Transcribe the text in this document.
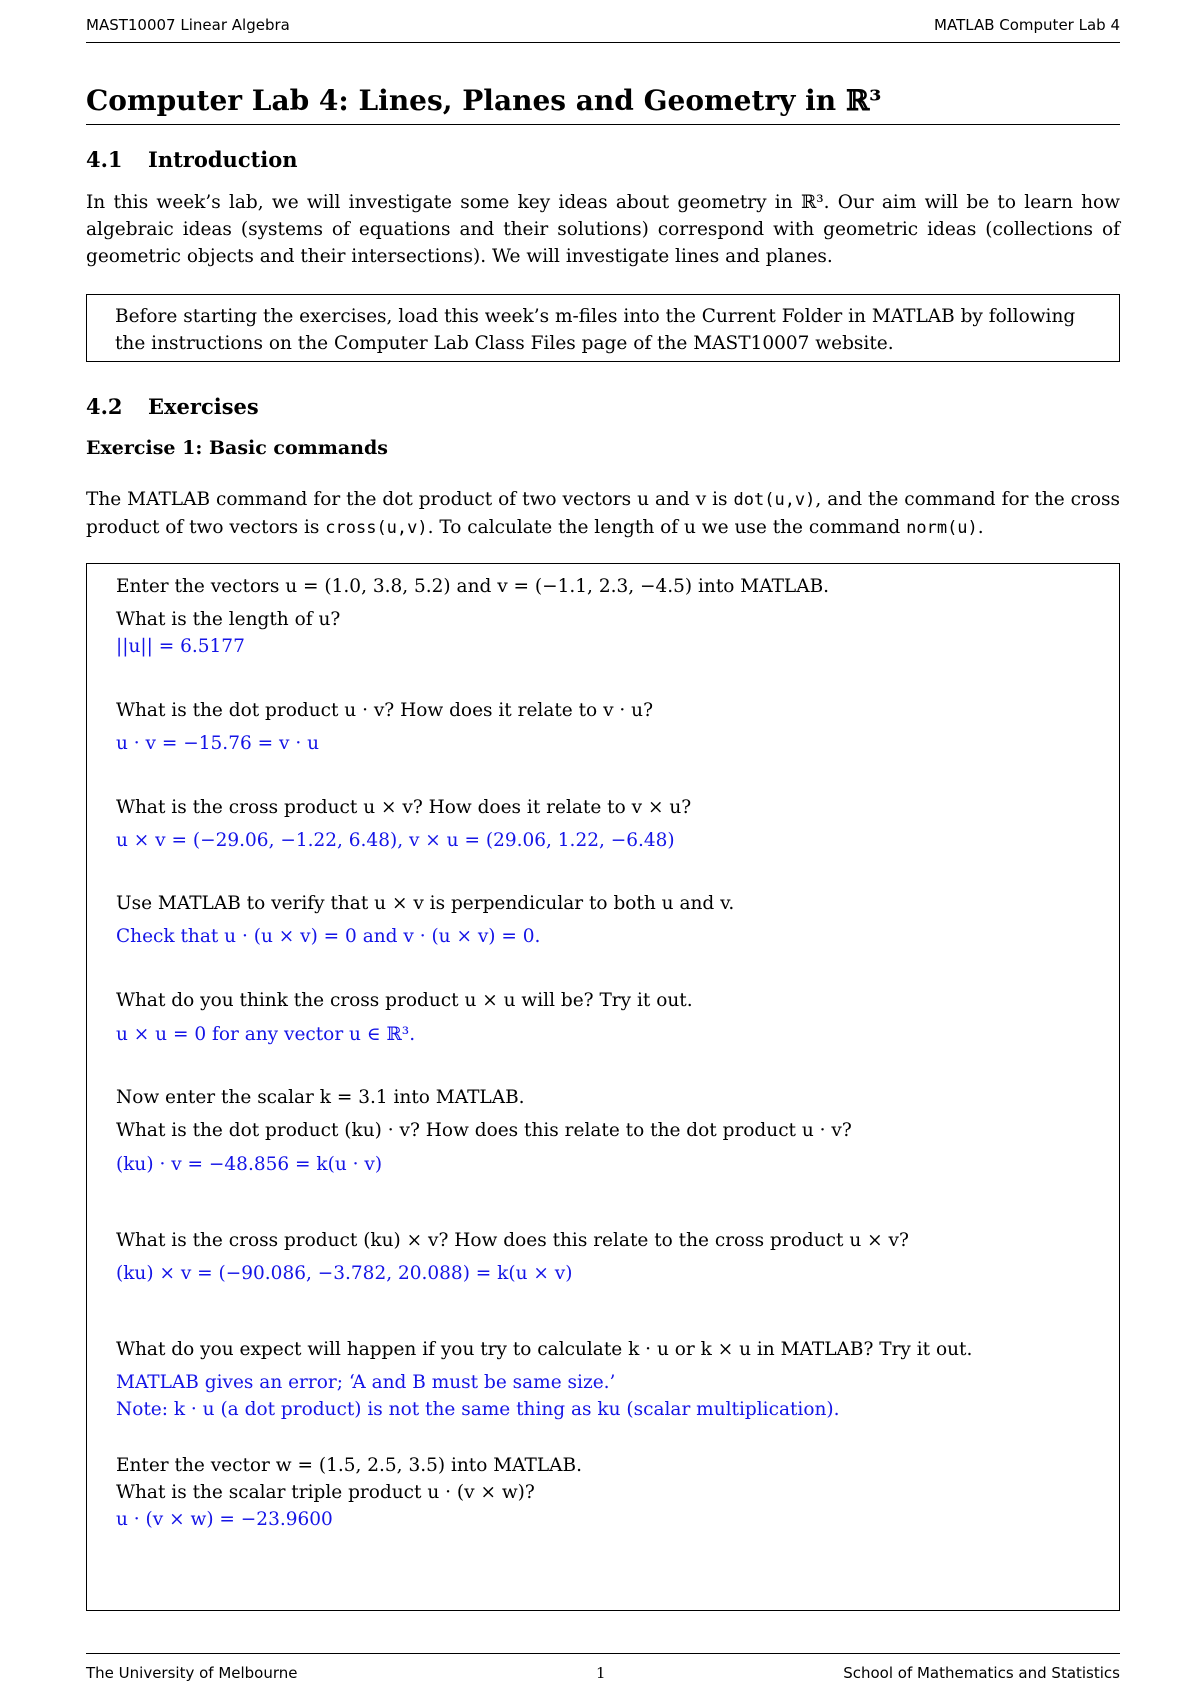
MAST10007 Linear Algebra	MATLAB Computer Lab 4
Computer Lab 4: Lines, Planes and Geometry in ℝ³
4.1 Introduction
In this week’s lab, we will investigate some key ideas about geometry in ℝ³. Our aim will be to learn how algebraic ideas (systems of equations and their solutions) correspond with geometric ideas (collections of geometric objects and their intersections). We will investigate lines and planes.
Before starting the exercises, load this week’s m-files into the Current Folder in MATLAB by following the instructions on the Computer Lab Class Files page of the MAST10007 website.
4.2 Exercises
Exercise 1: Basic commands
The MATLAB command for the dot product of two vectors u and v is dot(u,v), and the command for the cross product of two vectors is cross(u,v). To calculate the length of u we use the command norm(u).
Enter the vectors u = (1.0, 3.8, 5.2) and v = (−1.1, 2.3, −4.5) into MATLAB.
What is the length of u?
||u|| = 6.5177
What is the dot product u · v? How does it relate to v · u?
u · v = −15.76 = v · u
What is the cross product u × v? How does it relate to v × u?
u × v = (−29.06, −1.22, 6.48), v × u = (29.06, 1.22, −6.48)
Use MATLAB to verify that u × v is perpendicular to both u and v.
Check that u · (u × v) = 0 and v · (u × v) = 0.
What do you think the cross product u × u will be? Try it out.
u × u = 0 for any vector u ∈ ℝ³.
Now enter the scalar k = 3.1 into MATLAB.
What is the dot product (ku) · v? How does this relate to the dot product u · v?
(ku) · v = −48.856 = k(u · v)
What is the cross product (ku) × v? How does this relate to the cross product u × v?
(ku) × v = (−90.086, −3.782, 20.088) = k(u × v)
What do you expect will happen if you try to calculate k · u or k × u in MATLAB? Try it out.
MATLAB gives an error; ‘A and B must be same size.’
Note: k · u (a dot product) is not the same thing as ku (scalar multiplication).
Enter the vector w = (1.5, 2.5, 3.5) into MATLAB.
What is the scalar triple product u · (v × w)?
u · (v × w) = −23.9600
The University of Melbourne	1	School of Mathematics and Statistics
